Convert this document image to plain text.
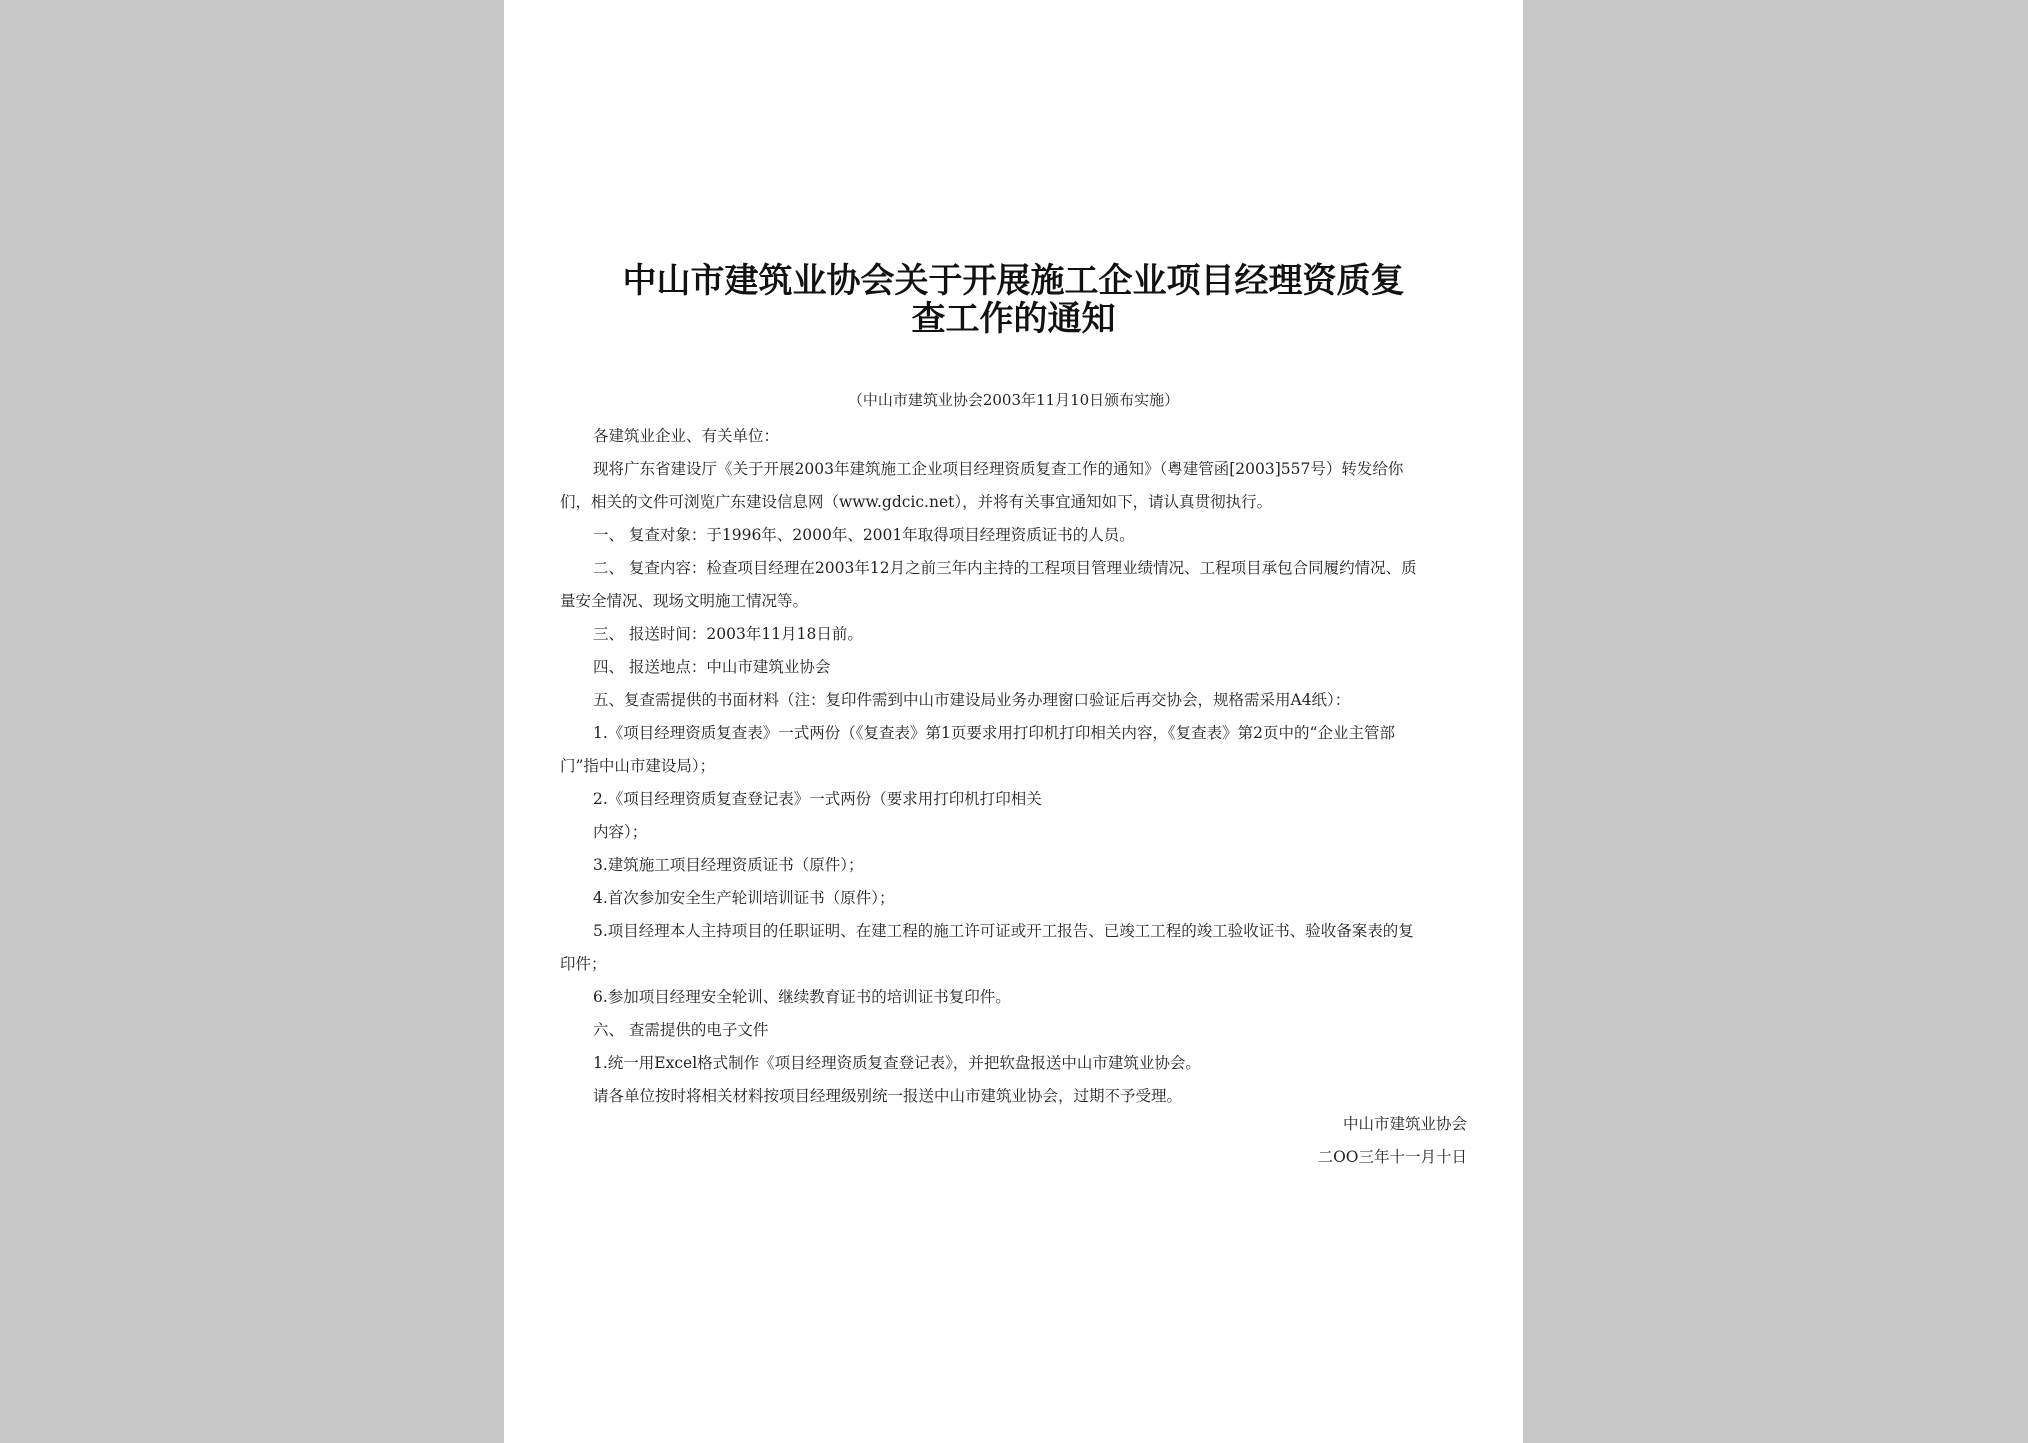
中山市建筑业协会关于开展施工企业项目经理资质复
查工作的通知
（中山市建筑业协会2003年11月10日颁布实施）

各建筑业企业、有关单位：

现将广东省建设厅《关于开展2003年建筑施工企业项目经理资质复查工作的通知》（粤建管函[2003]557号）转发给你

们，相关的文件可浏览广东建设信息网（www.gdcic.net），并将有关事宜通知如下，请认真贯彻执行。

一、 复查对象：于1996年、2000年、2001年取得项目经理资质证书的人员。

二、 复查内容：检查项目经理在2003年12月之前三年内主持的工程项目管理业绩情况、工程项目承包合同履约情况、质

量安全情况、现场文明施工情况等。

三、 报送时间：2003年11月18日前。

四、 报送地点：中山市建筑业协会

五、复查需提供的书面材料（注：复印件需到中山市建设局业务办理窗口验证后再交协会，规格需采用A4纸）：

1.《项目经理资质复查表》一式两份（《复查表》第1页要求用打印机打印相关内容，《复查表》第2页中的“企业主管部

门”指中山市建设局）；

2.《项目经理资质复查登记表》一式两份（要求用打印机打印相关

内容）；

3.建筑施工项目经理资质证书（原件）；

4.首次参加安全生产轮训培训证书（原件）；

5.项目经理本人主持项目的任职证明、在建工程的施工许可证或开工报告、已竣工工程的竣工验收证书、验收备案表的复

印件；

6.参加项目经理安全轮训、继续教育证书的培训证书复印件。

六、 查需提供的电子文件

1.统一用Excel格式制作《项目经理资质复查登记表》，并把软盘报送中山市建筑业协会。

请各单位按时将相关材料按项目经理级别统一报送中山市建筑业协会，过期不予受理。

中山市建筑业协会
二OO三年十一月十日
